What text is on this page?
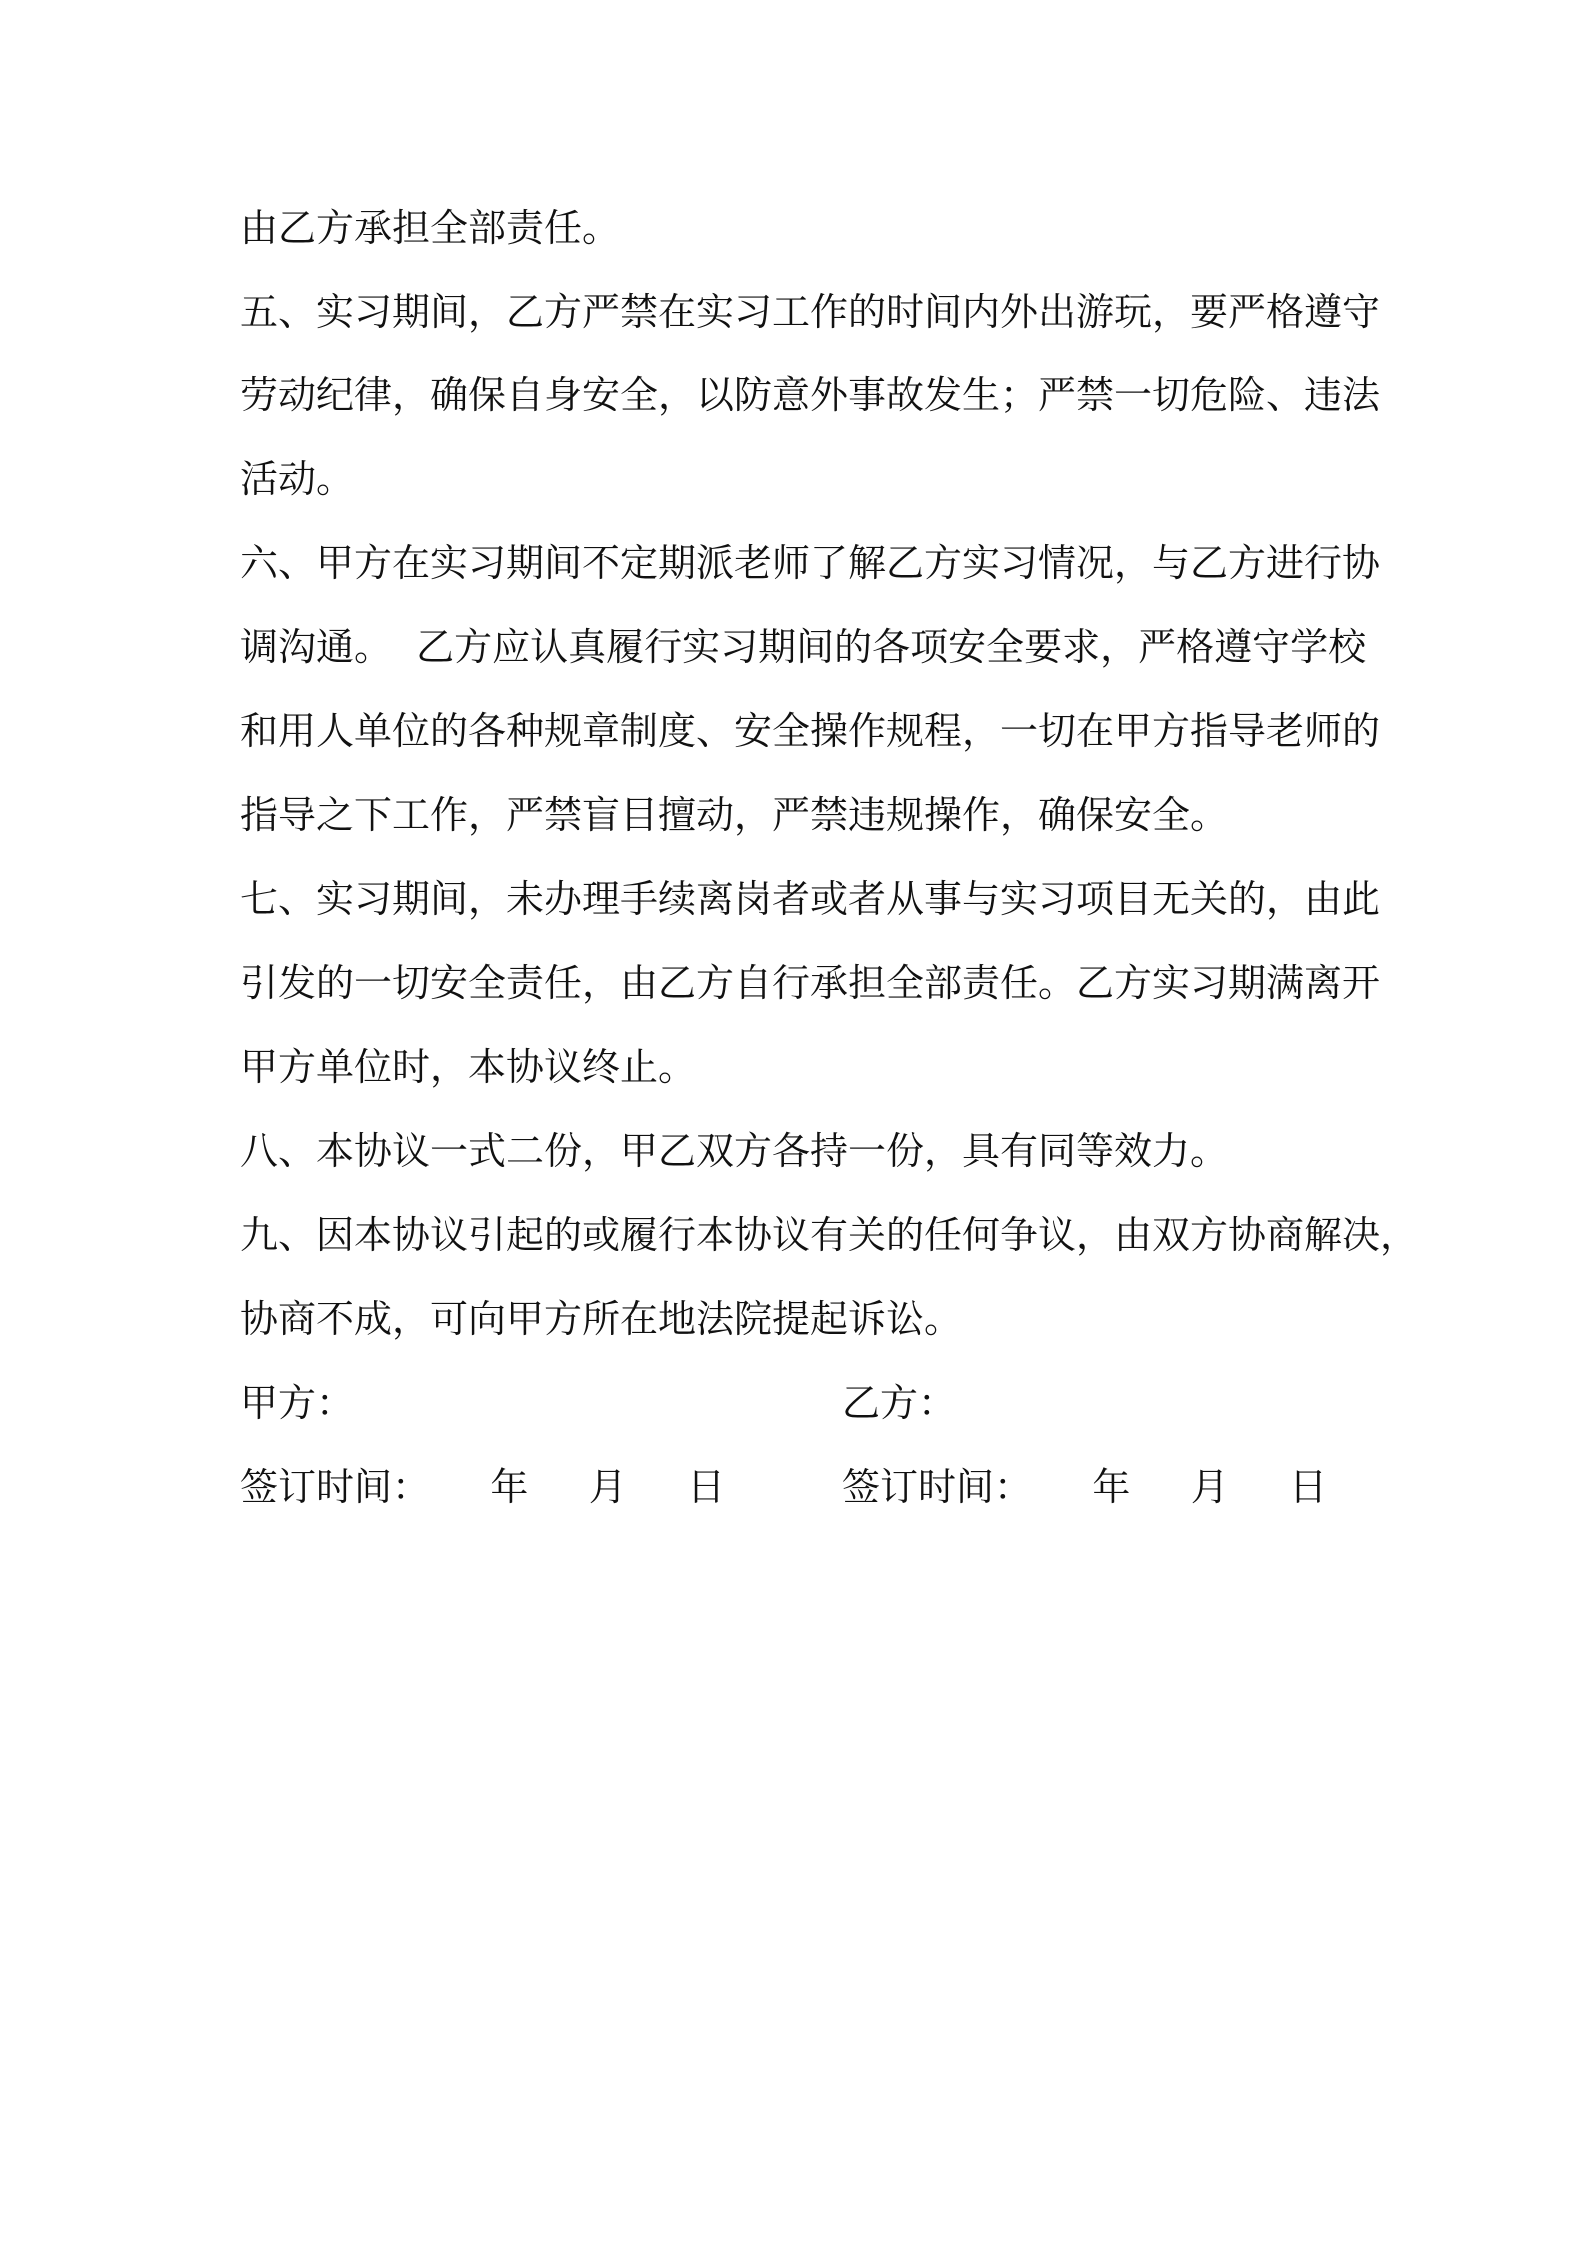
由乙方承担全部责任。

五、实习期间，乙方严禁在实习工作的时间内外出游玩，要严格遵守

劳动纪律，确保自身安全，以防意外事故发生；严禁一切危险、违法

活动。

六、甲方在实习期间不定期派老师了解乙方实习情况，与乙方进行协

调沟通。  乙方应认真履行实习期间的各项安全要求，严格遵守学校

和用人单位的各种规章制度、安全操作规程，一切在甲方指导老师的

指导之下工作，严禁盲目擅动，严禁违规操作，确保安全。

七、实习期间，未办理手续离岗者或者从事与实习项目无关的，由此

引发的一切安全责任，由乙方自行承担全部责任。乙方实习期满离开

甲方单位时，本协议终止。

八、本协议一式二份，甲乙双方各持一份，具有同等效力。

九、因本协议引起的或履行本协议有关的任何争议，由双方协商解决，

协商不成，可向甲方所在地法院提起诉讼。

甲方：	乙方：

签订时间：     年     月     日	签订时间：     年     月     日
